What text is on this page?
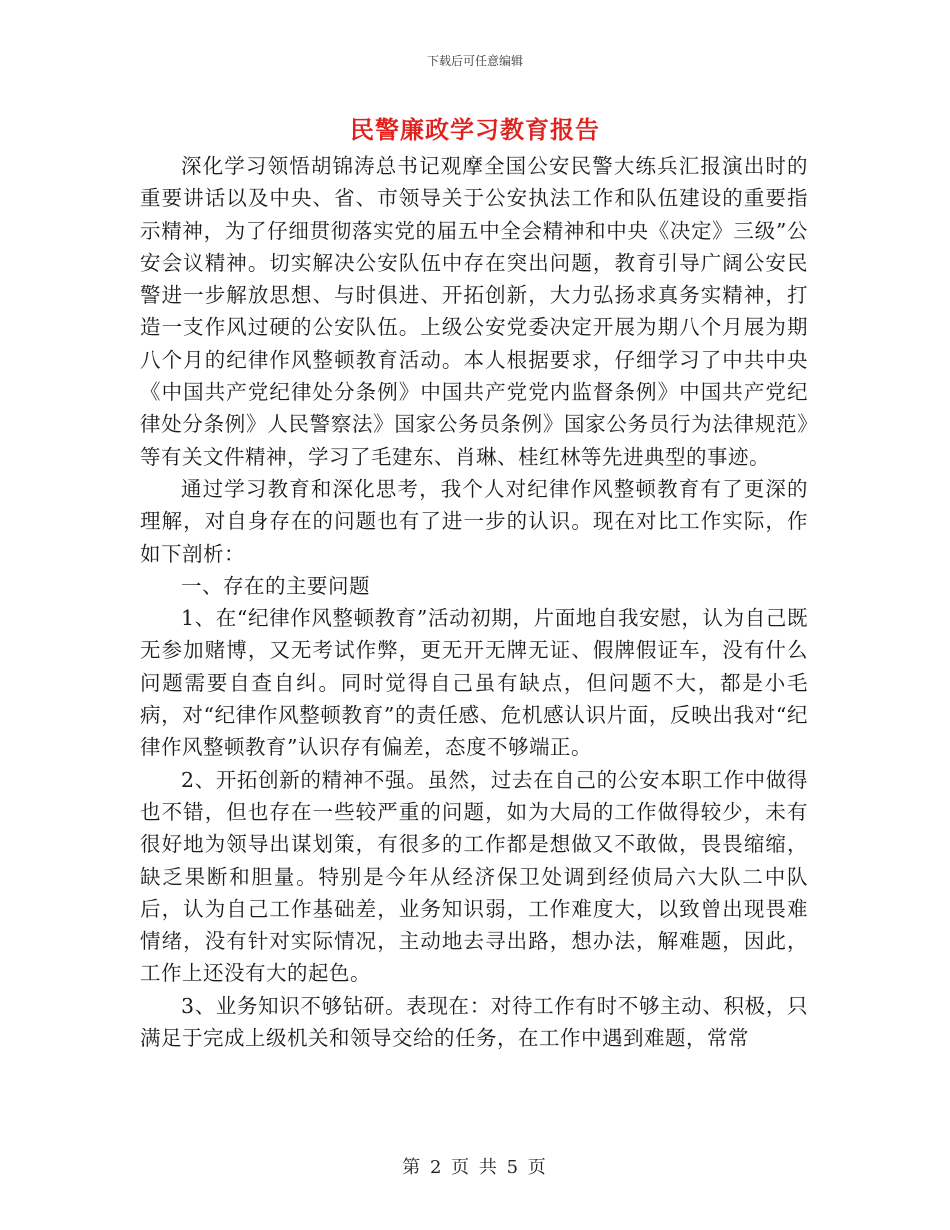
下载后可任意编辑
民警廉政学习教育报告

深化学习领悟胡锦涛总书记观摩全国公安民警大练兵汇报演出时的重要讲话以及中央、省、市领导关于公安执法工作和队伍建设的重要指示精神，为了仔细贯彻落实党的届五中全会精神和中央《决定》三级”公安会议精神。切实解决公安队伍中存在突出问题，教育引导广阔公安民警进一步解放思想、与时俱进、开拓创新，大力弘扬求真务实精神，打造一支作风过硬的公安队伍。上级公安党委决定开展为期八个月展为期八个月的纪律作风整顿教育活动。本人根据要求，仔细学习了中共中央《中国共产党纪律处分条例》中国共产党党内监督条例》中国共产党纪律处分条例》人民警察法》国家公务员条例》国家公务员行为法律规范》等有关文件精神，学习了毛建东、肖琳、桂红林等先进典型的事迹。

通过学习教育和深化思考，我个人对纪律作风整顿教育有了更深的理解，对自身存在的问题也有了进一步的认识。现在对比工作实际，作如下剖析：

一、存在的主要问题

1、在“纪律作风整顿教育”活动初期，片面地自我安慰，认为自己既无参加赌博，又无考试作弊，更无开无牌无证、假牌假证车，没有什么问题需要自查自纠。同时觉得自己虽有缺点，但问题不大，都是小毛病，对“纪律作风整顿教育”的责任感、危机感认识片面，反映出我对“纪律作风整顿教育”认识存有偏差，态度不够端正。

2、开拓创新的精神不强。虽然，过去在自己的公安本职工作中做得也不错，但也存在一些较严重的问题，如为大局的工作做得较少，未有很好地为领导出谋划策，有很多的工作都是想做又不敢做，畏畏缩缩，缺乏果断和胆量。特别是今年从经济保卫处调到经侦局六大队二中队后，认为自己工作基础差，业务知识弱，工作难度大，以致曾出现畏难情绪，没有针对实际情况，主动地去寻出路，想办法，解难题，因此，工作上还没有大的起色。

3、业务知识不够钻研。表现在：对待工作有时不够主动、积极，只满足于完成上级机关和领导交给的任务，在工作中遇到难题，常常

第 2 页 共 5 页
